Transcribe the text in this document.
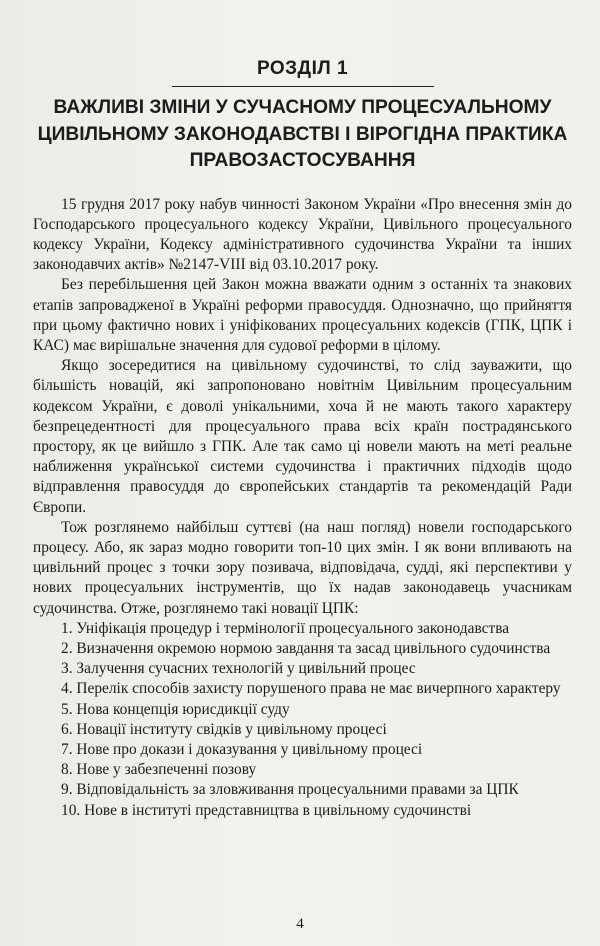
РОЗДІЛ 1
ВАЖЛИВІ ЗМІНИ У СУЧАСНОМУ ПРОЦЕСУАЛЬНОМУ
ЦИВІЛЬНОМУ ЗАКОНОДАВСТВІ І ВІРОГІДНА ПРАКТИКА
ПРАВОЗАСТОСУВАННЯ

15 грудня 2017 року набув чинності Законом України «Про внесення змін до Господарського процесуального кодексу України, Цивільного процесуального кодексу України, Кодексу адміністративного судочинства України та інших законодавчих актів» №2147-VIII від 03.10.2017 року.

Без перебільшення цей Закон можна вважати одним з останніх та знакових етапів запровадженої в Україні реформи правосуддя. Однозначно, що прийняття при цьому фактично нових і уніфікованих процесуальних кодексів (ГПК, ЦПК і КАС) має вирішальне значення для судової реформи в цілому.

Якщо зосередитися на цивільному судочинстві, то слід зауважити, що більшість новацій, які запропоновано новітнім Цивільним процесуальним кодексом України, є доволі унікальними, хоча й не мають такого характеру безпрецедентності для процесуального права всіх країн пострадянського простору, як це вийшло з ГПК. Але так само ці новели мають на меті реальне наближення української системи судочинства і практичних підходів щодо відправлення правосуддя до європейських стандартів та рекомендацій Ради Європи.

Тож розглянемо найбільш суттєві (на наш погляд) новели господарського процесу. Або, як зараз модно говорити топ-10 цих змін. І як вони впливають на цивільний процес з точки зору позивача, відповідача, судді, які перспективи у нових процесуальних інструментів, що їх надав законодавець учасникам судочинства. Отже, розглянемо такі новації ЦПК:

1. Уніфікація процедур і термінології процесуального законодавства

2. Визначення окремою нормою завдання та засад цивільного судочинства

3. Залучення сучасних технологій у цивільний процес

4. Перелік способів захисту порушеного права не має вичерпного характеру

5. Нова концепція юрисдикції суду

6. Новації інституту свідків у цивільному процесі

7. Нове про докази і доказування у цивільному процесі

8. Нове у забезпеченні позову

9. Відповідальність за зловживання процесуальними правами за ЦПК

10. Нове в інституті представництва в цивільному судочинстві

4
